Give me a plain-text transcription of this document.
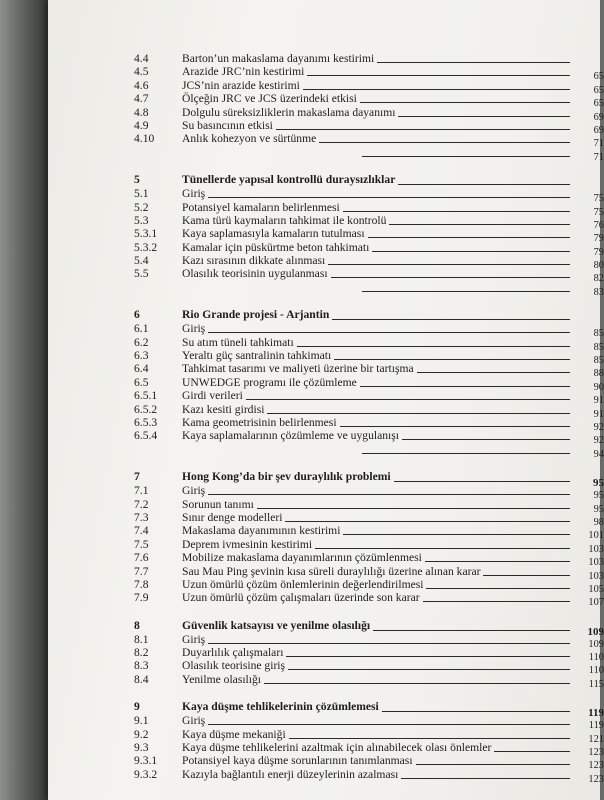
4.4	Barton’un makaslama dayanımı kestirimi
4.5	Arazide JRC’nin kestirimi	65
4.6	JCS’nin arazide kestirimi	65
4.7	Ölçeğin JRC ve JCS üzerindeki etkisi	65
4.8	Dolgulu süreksizliklerin makaslama dayanımı	69
4.9	Su basıncının etkisi	69
4.10	Anlık kohezyon ve sürtünme	71
71
5	Tünellerde yapısal kontrollü duraysızlıklar
5.1	Giriş	75
5.2	Potansiyel kamaların belirlenmesi	75
5.3	Kama türü kaymaların tahkimat ile kontrolü	76
5.3.1	Kaya saplamasıyla kamaların tutulması	79
5.3.2	Kamalar için püskürtme beton tahkimatı	79
5.4	Kazı sırasının dikkate alınması	80
5.5	Olasılık teorisinin uygulanması	82
83
6	Rio Grande projesi - Arjantin
6.1	Giriş	85
6.2	Su atım tüneli tahkimatı	85
6.3	Yeraltı güç santralinin tahkimatı	85
6.4	Tahkimat tasarımı ve maliyeti üzerine bir tartışma	88
6.5	UNWEDGE programı ile çözümleme	90
6.5.1	Girdi verileri	91
6.5.2	Kazı kesiti girdisi	91
6.5.3	Kama geometrisinin belirlenmesi	92
6.5.4	Kaya saplamalarının çözümleme ve uygulanışı	92
94
7	Hong Kong’da bir şev duraylılık problemi	95
7.1	Giriş	95
7.2	Sorunun tanımı	95
7.3	Sınır denge modelleri	98
7.4	Makaslama dayanımının kestirimi	101
7.5	Deprem ivmesinin kestirimi	103
7.6	Mobilize makaslama dayanımlarının çözümlenmesi	103
7.7	Sau Mau Ping şevinin kısa süreli duraylılığı üzerine alınan karar	103
7.8	Uzun ömürlü çözüm önlemlerinin değerlendirilmesi	105
7.9	Uzun ömürlü çözüm çalışmaları üzerinde son karar	107
8	Güvenlik katsayısı ve yenilme olasılığı	109
8.1	Giriş	109
8.2	Duyarlılık çalışmaları	110
8.3	Olasılık teorisine giriş	110
8.4	Yenilme olasılığı	115
9	Kaya düşme tehlikelerinin çözümlemesi	119
9.1	Giriş	119
9.2	Kaya düşme mekaniği	121
9.3	Kaya düşme tehlikelerini azaltmak için alınabilecek olası önlemler	123
9.3.1	Potansiyel kaya düşme sorunlarının tanımlanması	123
9.3.2	Kazıyla bağlantılı enerji düzeylerinin azalması	123
